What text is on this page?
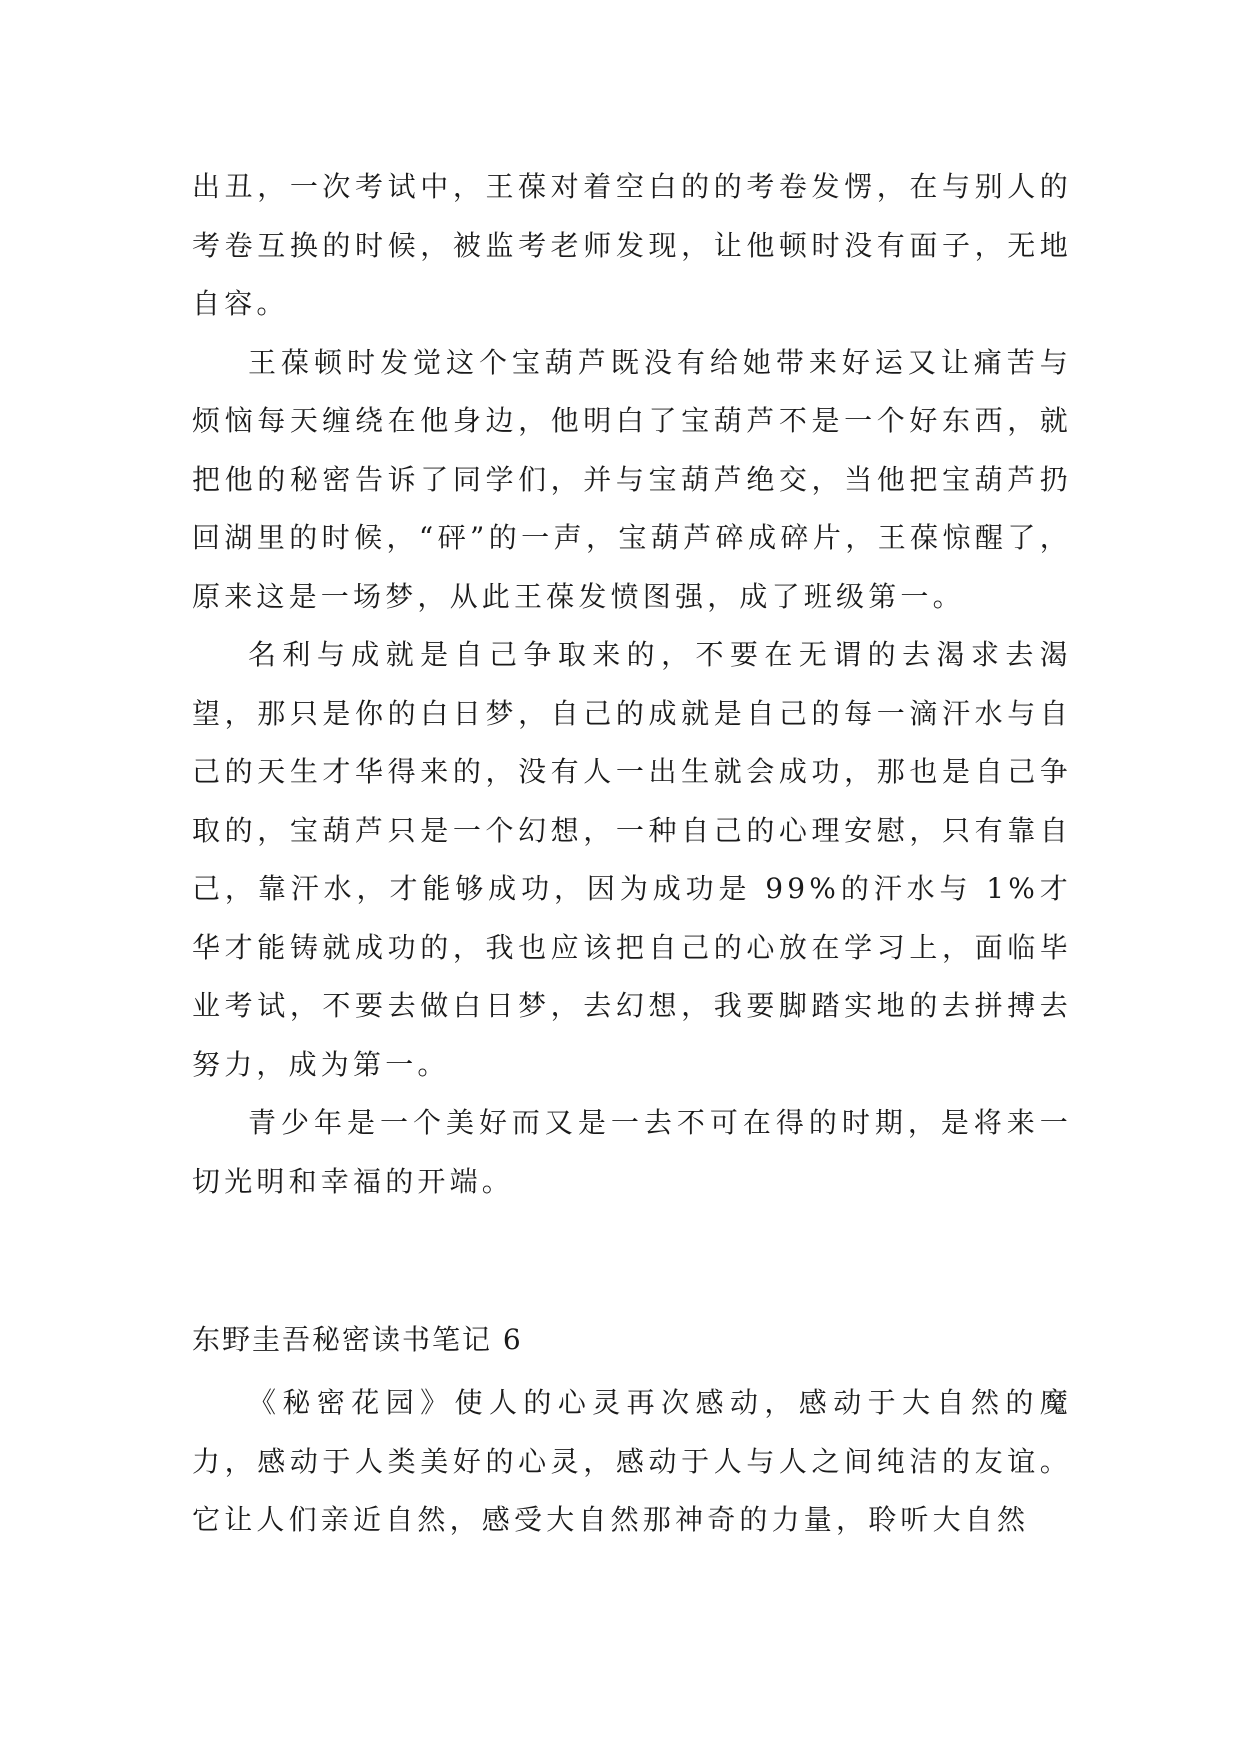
出丑，一次考试中，王葆对着空白的的考卷发愣，在与别人的考卷互换的时候，被监考老师发现，让他顿时没有面子，无地自容。

王葆顿时发觉这个宝葫芦既没有给她带来好运又让痛苦与烦恼每天缠绕在他身边，他明白了宝葫芦不是一个好东西，就把他的秘密告诉了同学们，并与宝葫芦绝交，当他把宝葫芦扔回湖里的时候，“砰”的一声，宝葫芦碎成碎片，王葆惊醒了，原来这是一场梦，从此王葆发愤图强，成了班级第一。

名利与成就是自己争取来的，不要在无谓的去渴求去渴望，那只是你的白日梦，自己的成就是自己的每一滴汗水与自己的天生才华得来的，没有人一出生就会成功，那也是自己争取的，宝葫芦只是一个幻想，一种自己的心理安慰，只有靠自己，靠汗水，才能够成功，因为成功是 99%的汗水与 1%才华才能铸就成功的，我也应该把自己的心放在学习上，面临毕业考试，不要去做白日梦，去幻想，我要脚踏实地的去拼搏去努力，成为第一。

青少年是一个美好而又是一去不可在得的时期，是将来一切光明和幸福的开端。

东野圭吾秘密读书笔记 6

《秘密花园》使人的心灵再次感动，感动于大自然的魔力，感动于人类美好的心灵，感动于人与人之间纯洁的友谊。它让人们亲近自然，感受大自然那神奇的力量，聆听大自然
